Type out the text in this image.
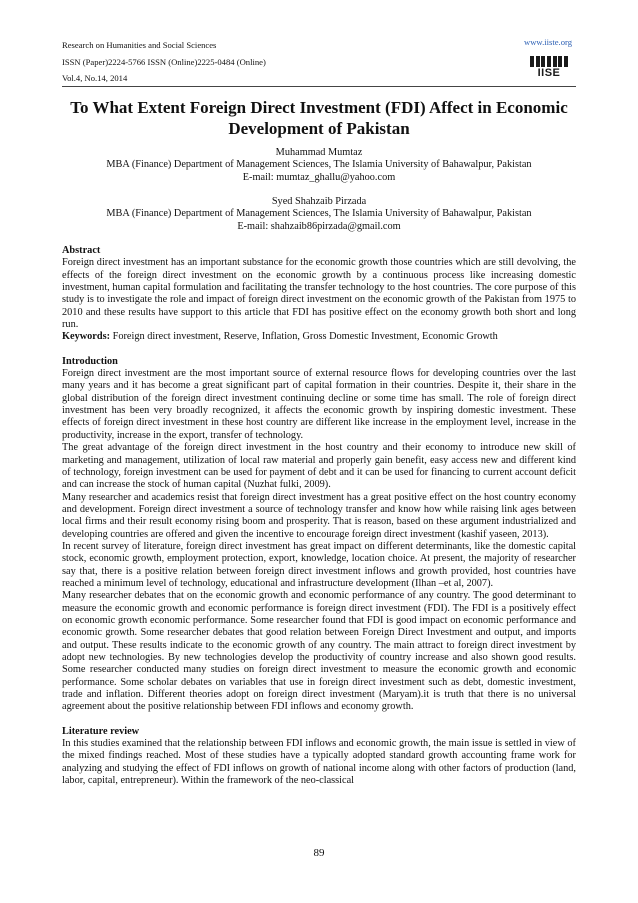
Research on Humanities and Social Sciences
ISSN (Paper)2224-5766 ISSN (Online)2225-0484 (Online)
Vol.4, No.14, 2014
www.iiste.org
IISE
To What Extent Foreign Direct Investment (FDI) Affect in Economic Development of Pakistan
Muhammad Mumtaz
MBA (Finance) Department of Management Sciences, The Islamia University of Bahawalpur, Pakistan
E-mail: mumtaz_ghallu@yahoo.com
Syed Shahzaib Pirzada
MBA (Finance) Department of Management Sciences, The Islamia University of Bahawalpur, Pakistan
E-mail: shahzaib86pirzada@gmail.com

Abstract

Foreign direct investment has an important substance for the economic growth those countries which are still devolving, the effects of the foreign direct investment on the economic growth by a continuous process like increasing domestic investment, human capital formulation and facilitating the transfer technology to the host countries. The core purpose of this study is to investigate the role and impact of foreign direct investment on the economic growth of the Pakistan from 1975 to 2010 and these results have support to this article that FDI has positive effect on the economy growth both short and long run.

Keywords: Foreign direct investment, Reserve, Inflation, Gross Domestic Investment, Economic Growth

Introduction

Foreign direct investment are the most important source of external resource flows for developing countries over the last many years and it has become a great significant part of capital formation in their countries. Despite it, their share in the global distribution of the foreign direct investment continuing decline or some time has small. The role of foreign direct investment has been very broadly recognized, it affects the economic growth by inspiring domestic investment. These effects of foreign direct investment in these host country are different like increase in the employment level, increase in the productivity, increase in the export, transfer of technology.

The great advantage of the foreign direct investment in the host country and their economy to introduce new skill of marketing and management, utilization of local raw material and properly gain benefit, easy access new and different kind of technology, foreign investment can be used for payment of debt and it can be used for financing to current account deficit and can increase the stock of human capital (Nuzhat fulki, 2009).

Many researcher and academics resist that foreign direct investment has a great positive effect on the host country economy and development. Foreign direct investment a source of technology transfer and know how while raising link ages between local firms and their result economy rising boom and prosperity. That is reason, based on these argument industrialized and developing countries are offered and given the incentive to encourage foreign direct investment (kashif yaseen, 2013).

In recent survey of literature, foreign direct investment has great impact on different determinants, like the domestic capital stock, economic growth, employment protection, export, knowledge, location choice. At present, the majority of researcher say that, there is a positive relation between foreign direct investment inflows and growth provided, host countries have reached a minimum level of technology, educational and infrastructure development (Ilhan –et al, 2007).

Many researcher debates that on the economic growth and economic performance of any country. The good determinant to measure the economic growth and economic performance is foreign direct investment (FDI). The FDI is a positively effect on economic growth economic performance. Some researcher found that FDI is good impact on economic performance and economic growth. Some researcher debates that good relation between Foreign Direct Investment and output, and imports and output. These results indicate to the economic growth of any country. The main attract to foreign direct investment by adopt new technologies. By new technologies develop the productivity of country increase and also shown good results. Some researcher conducted many studies on foreign direct investment to measure the economic growth and economic performance. Some scholar debates on variables that use in foreign direct investment such as debt, domestic investment, trade and inflation. Different theories adopt on foreign direct investment (Maryam).it is truth that there is no universal agreement about the positive relationship between FDI inflows and economy growth.

Literature review

In this studies examined that the relationship between FDI inflows and economic growth, the main issue is settled in view of the mixed findings reached. Most of these studies have a typically adopted standard growth accounting frame work for analyzing and studying the effect of FDI inflows on growth of national income along with other factors of production (land, labor, capital, entrepreneur). Within the framework of the neo-classical

89
